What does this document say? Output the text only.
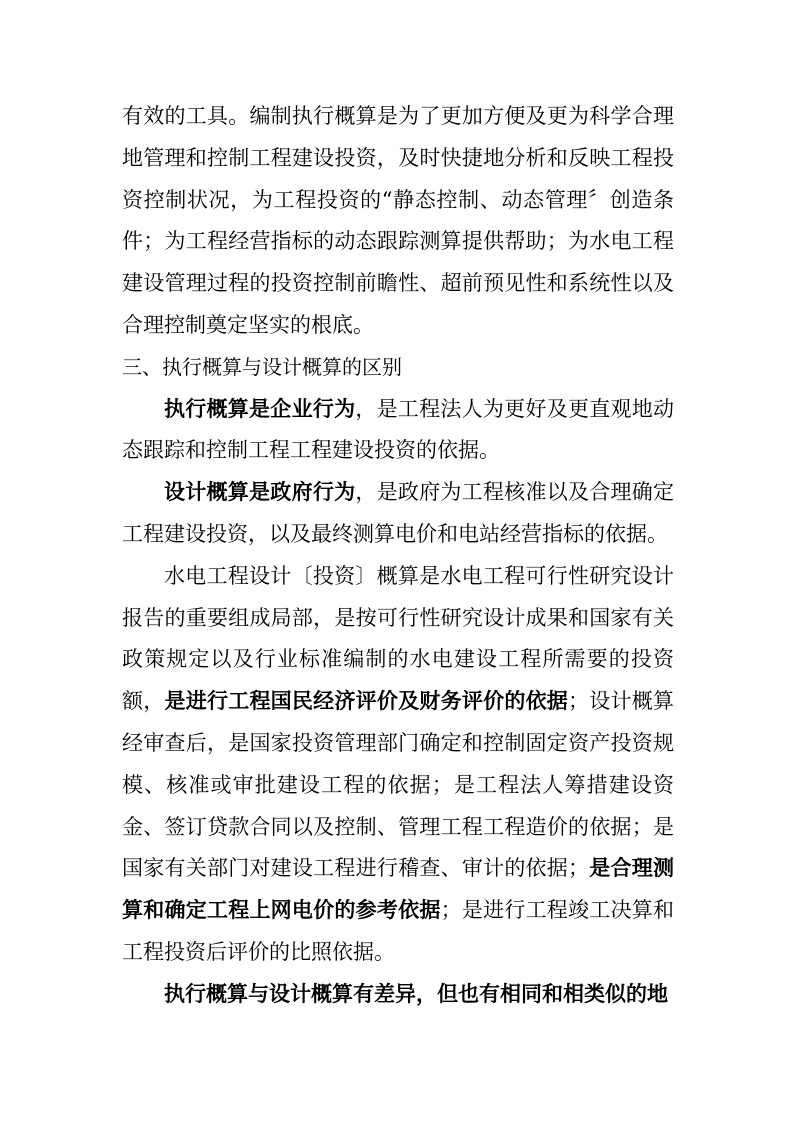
有效的工具。编制执行概算是为了更加方便及更为科学合理地管理和控制工程建设投资，及时快捷地分析和反映工程投资控制状况，为工程投资的“静态控制、动态管理〞创造条件；为工程经营指标的动态跟踪测算提供帮助；为水电工程建设管理过程的投资控制前瞻性、超前预见性和系统性以及合理控制奠定坚实的根底。

三、执行概算与设计概算的区别

执行概算是企业行为，是工程法人为更好及更直观地动态跟踪和控制工程工程建设投资的依据。

设计概算是政府行为，是政府为工程核准以及合理确定工程建设投资，以及最终测算电价和电站经营指标的依据。

水电工程设计〔投资〕概算是水电工程可行性研究设计报告的重要组成局部，是按可行性研究设计成果和国家有关政策规定以及行业标准编制的水电建设工程所需要的投资额，是进行工程国民经济评价及财务评价的依据；设计概算经审查后，是国家投资管理部门确定和控制固定资产投资规模、核准或审批建设工程的依据；是工程法人筹措建设资金、签订贷款合同以及控制、管理工程工程造价的依据；是国家有关部门对建设工程进行稽查、审计的依据；是合理测算和确定工程上网电价的参考依据；是进行工程竣工决算和工程投资后评价的比照依据。

执行概算与设计概算有差异，但也有相同和相类似的地
